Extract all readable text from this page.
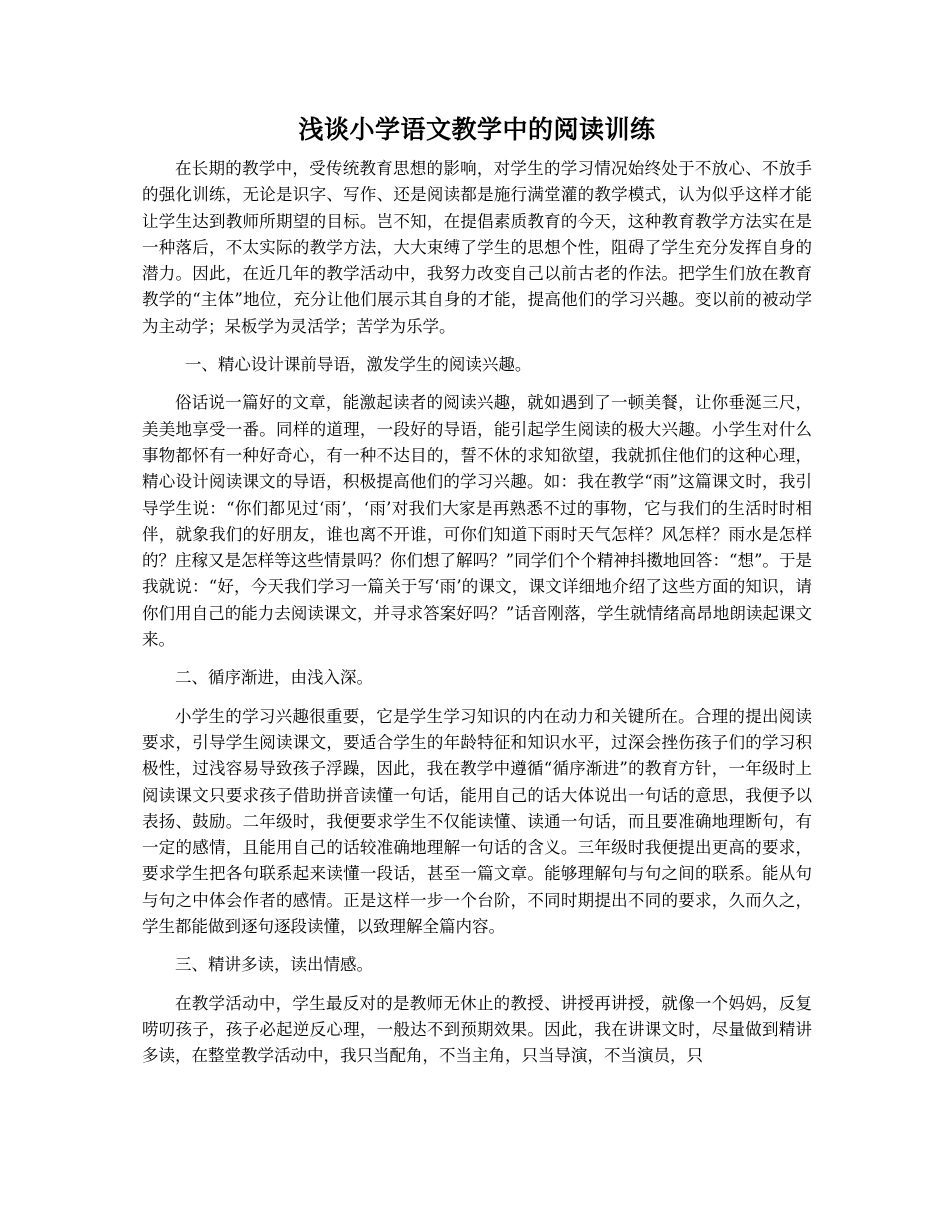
浅谈小学语文教学中的阅读训练

在长期的教学中，受传统教育思想的影响，对学生的学习情况始终处于不放心、不放手的强化训练，无论是识字、写作、还是阅读都是施行满堂灌的教学模式，认为似乎这样才能让学生达到教师所期望的目标。岂不知，在提倡素质教育的今天，这种教育教学方法实在是一种落后，不太实际的教学方法，大大束缚了学生的思想个性，阻碍了学生充分发挥自身的潜力。因此，在近几年的教学活动中，我努力改变自己以前古老的作法。把学生们放在教育教学的“主体”地位，充分让他们展示其自身的才能，提高他们的学习兴趣。变以前的被动学为主动学；呆板学为灵活学；苦学为乐学。

一、精心设计课前导语，激发学生的阅读兴趣。

俗话说一篇好的文章，能激起读者的阅读兴趣，就如遇到了一顿美餐，让你垂涎三尺，美美地享受一番。同样的道理，一段好的导语，能引起学生阅读的极大兴趣。小学生对什么事物都怀有一种好奇心，有一种不达目的，誓不休的求知欲望，我就抓住他们的这种心理，精心设计阅读课文的导语，积极提高他们的学习兴趣。如：我在教学“雨”这篇课文时，我引导学生说：“你们都见过‘雨’，‘雨’对我们大家是再熟悉不过的事物，它与我们的生活时时相伴，就象我们的好朋友，谁也离不开谁，可你们知道下雨时天气怎样？风怎样？雨水是怎样的？庄稼又是怎样等这些情景吗？你们想了解吗？”同学们个个精神抖擞地回答：“想”。于是我就说：“好，今天我们学习一篇关于写‘雨’的课文，课文详细地介绍了这些方面的知识，请你们用自己的能力去阅读课文，并寻求答案好吗？”话音刚落，学生就情绪高昂地朗读起课文来。

二、循序渐进，由浅入深。

小学生的学习兴趣很重要，它是学生学习知识的内在动力和关键所在。合理的提出阅读要求，引导学生阅读课文，要适合学生的年龄特征和知识水平，过深会挫伤孩子们的学习积极性，过浅容易导致孩子浮躁，因此，我在教学中遵循“循序渐进”的教育方针，一年级时上阅读课文只要求孩子借助拼音读懂一句话，能用自己的话大体说出一句话的意思，我便予以表扬、鼓励。二年级时，我便要求学生不仅能读懂、读通一句话，而且要准确地理断句，有一定的感情，且能用自己的话较准确地理解一句话的含义。三年级时我便提出更高的要求，要求学生把各句联系起来读懂一段话，甚至一篇文章。能够理解句与句之间的联系。能从句与句之中体会作者的感情。正是这样一步一个台阶，不同时期提出不同的要求，久而久之，学生都能做到逐句逐段读懂，以致理解全篇内容。

三、精讲多读，读出情感。

在教学活动中，学生最反对的是教师无休止的教授、讲授再讲授，就像一个妈妈，反复唠叨孩子，孩子必起逆反心理，一般达不到预期效果。因此，我在讲课文时，尽量做到精讲多读，在整堂教学活动中，我只当配角，不当主角，只当导演，不当演员，只
